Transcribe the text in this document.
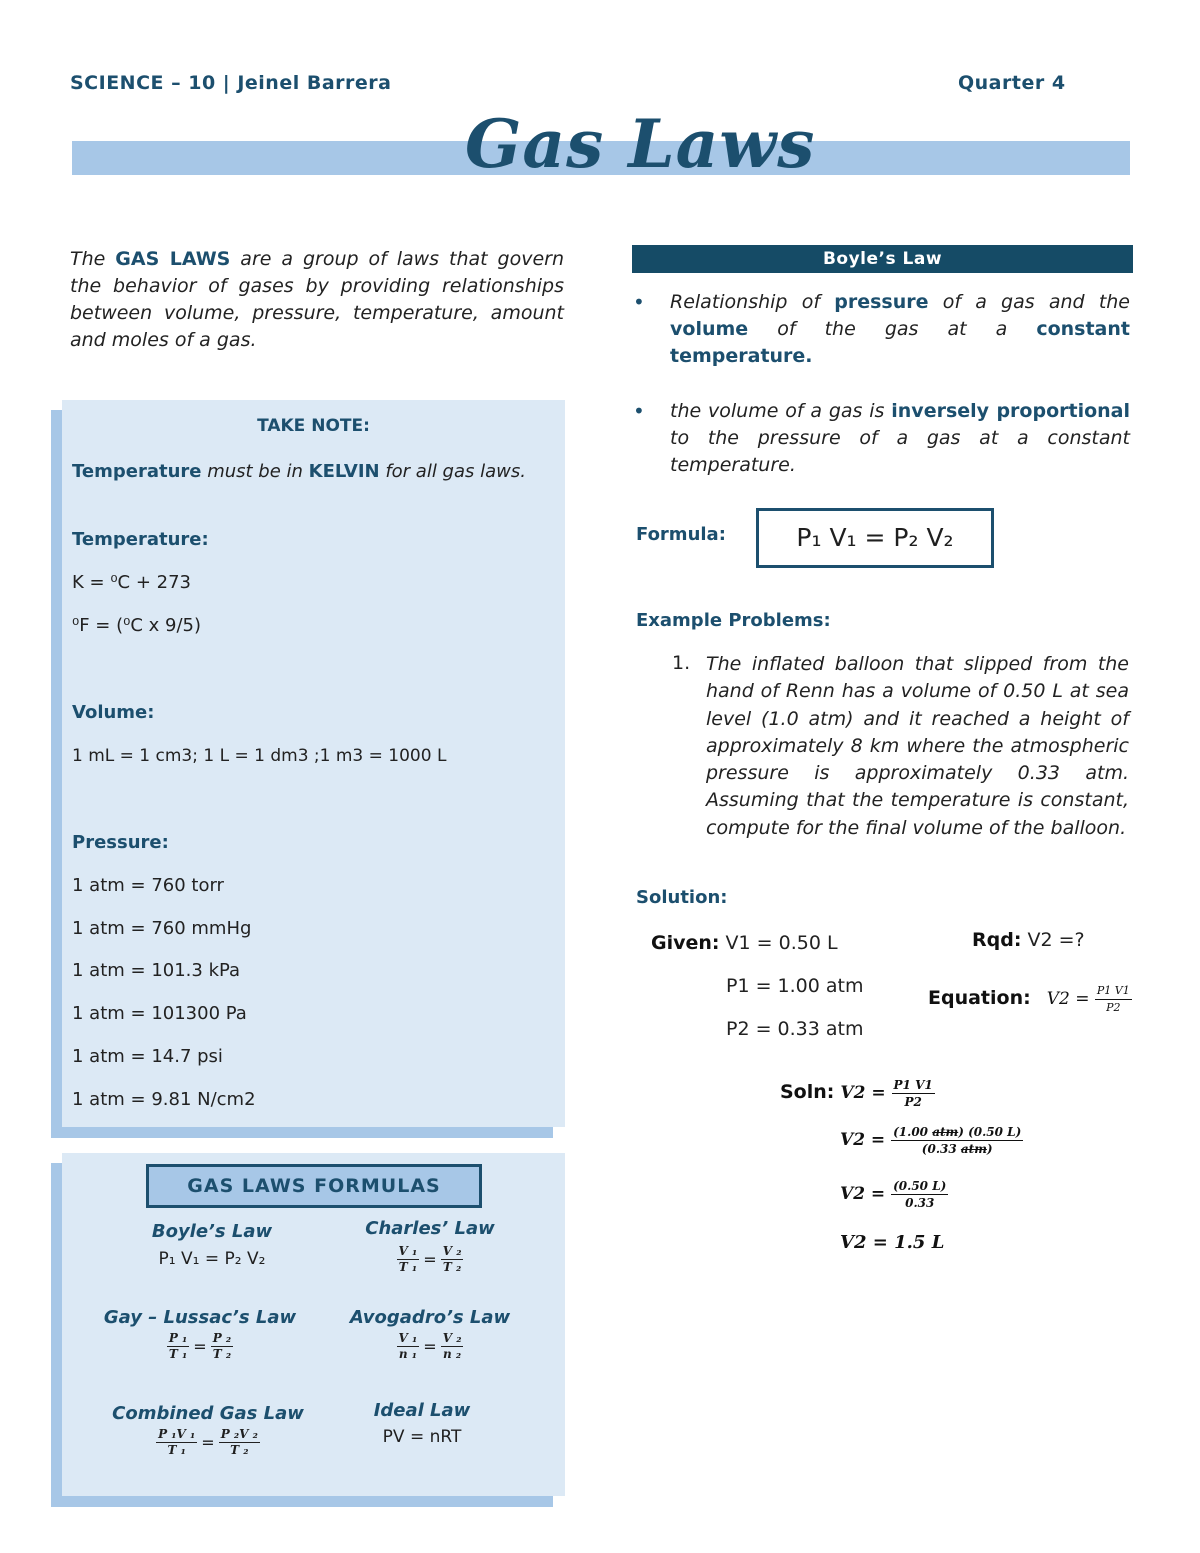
SCIENCE – 10 | Jeinel Barrera	Quarter 4
Gas Laws
The GAS LAWS are a group of laws that govern the behavior of gases by providing relationships between volume, pressure, temperature, amount and moles of a gas.
TAKE NOTE:
Temperature must be in KELVIN for all gas laws.
Temperature:
K = ⁰C + 273
⁰F = (⁰C x 9/5)
Volume:
1 mL = 1 cm3; 1 L = 1 dm3 ;1 m3 = 1000 L
Pressure:
1 atm = 760 torr
1 atm = 760 mmHg
1 atm = 101.3 kPa
1 atm = 101300 Pa
1 atm = 14.7 psi
1 atm = 9.81 N/cm2
GAS LAWS FORMULAS
Boyle’s Law
P₁ V₁ = P₂ V₂
Charles’ Law
$\frac{\text{V ₁}}{\text{T ₁}} = \frac{\text{V ₂}}{\text{T ₂}}$
Gay – Lussac’s Law
$\frac{\text{P ₁}}{\text{T ₁}} = \frac{\text{P ₂}}{\text{T ₂}}$
Avogadro’s Law
$\frac{\text{V ₁}}{\text{n ₁}} = \frac{\text{V ₂}}{\text{n ₂}}$
Combined Gas Law
$\frac{\text{P ₁V ₁}}{\text{T ₁}} = \frac{\text{P ₂V ₂}}{\text{T ₂}}$
Ideal Law
PV = nRT
Boyle’s Law
• Relationship of pressure of a gas and the volume of the gas at a constant temperature.
• the volume of a gas is inversely proportional to the pressure of a gas at a constant temperature.
Formula:	P₁ V₁ = P₂ V₂
Example Problems:
1. The inflated balloon that slipped from the hand of Renn has a volume of 0.50 L at sea level (1.0 atm) and it reached a height of approximately 8 km where the atmospheric pressure is approximately 0.33 atm. Assuming that the temperature is constant, compute for the final volume of the balloon.
Solution:
Given: V1 = 0.50 L
P1 = 1.00 atm
P2 = 0.33 atm
Rqd: V2 =?
Equation: $V2 = \frac{P1 V1}{P2}$
Soln: $V2 = \frac{P1 V1}{P2}$
$V2 = \frac{\text{(1.00 atm) (0.50 L)}}{\text{(0.33 atm)}}$
$V2 = \frac{(0.50 L)}{0.33}$
V2 = 1.5 L
